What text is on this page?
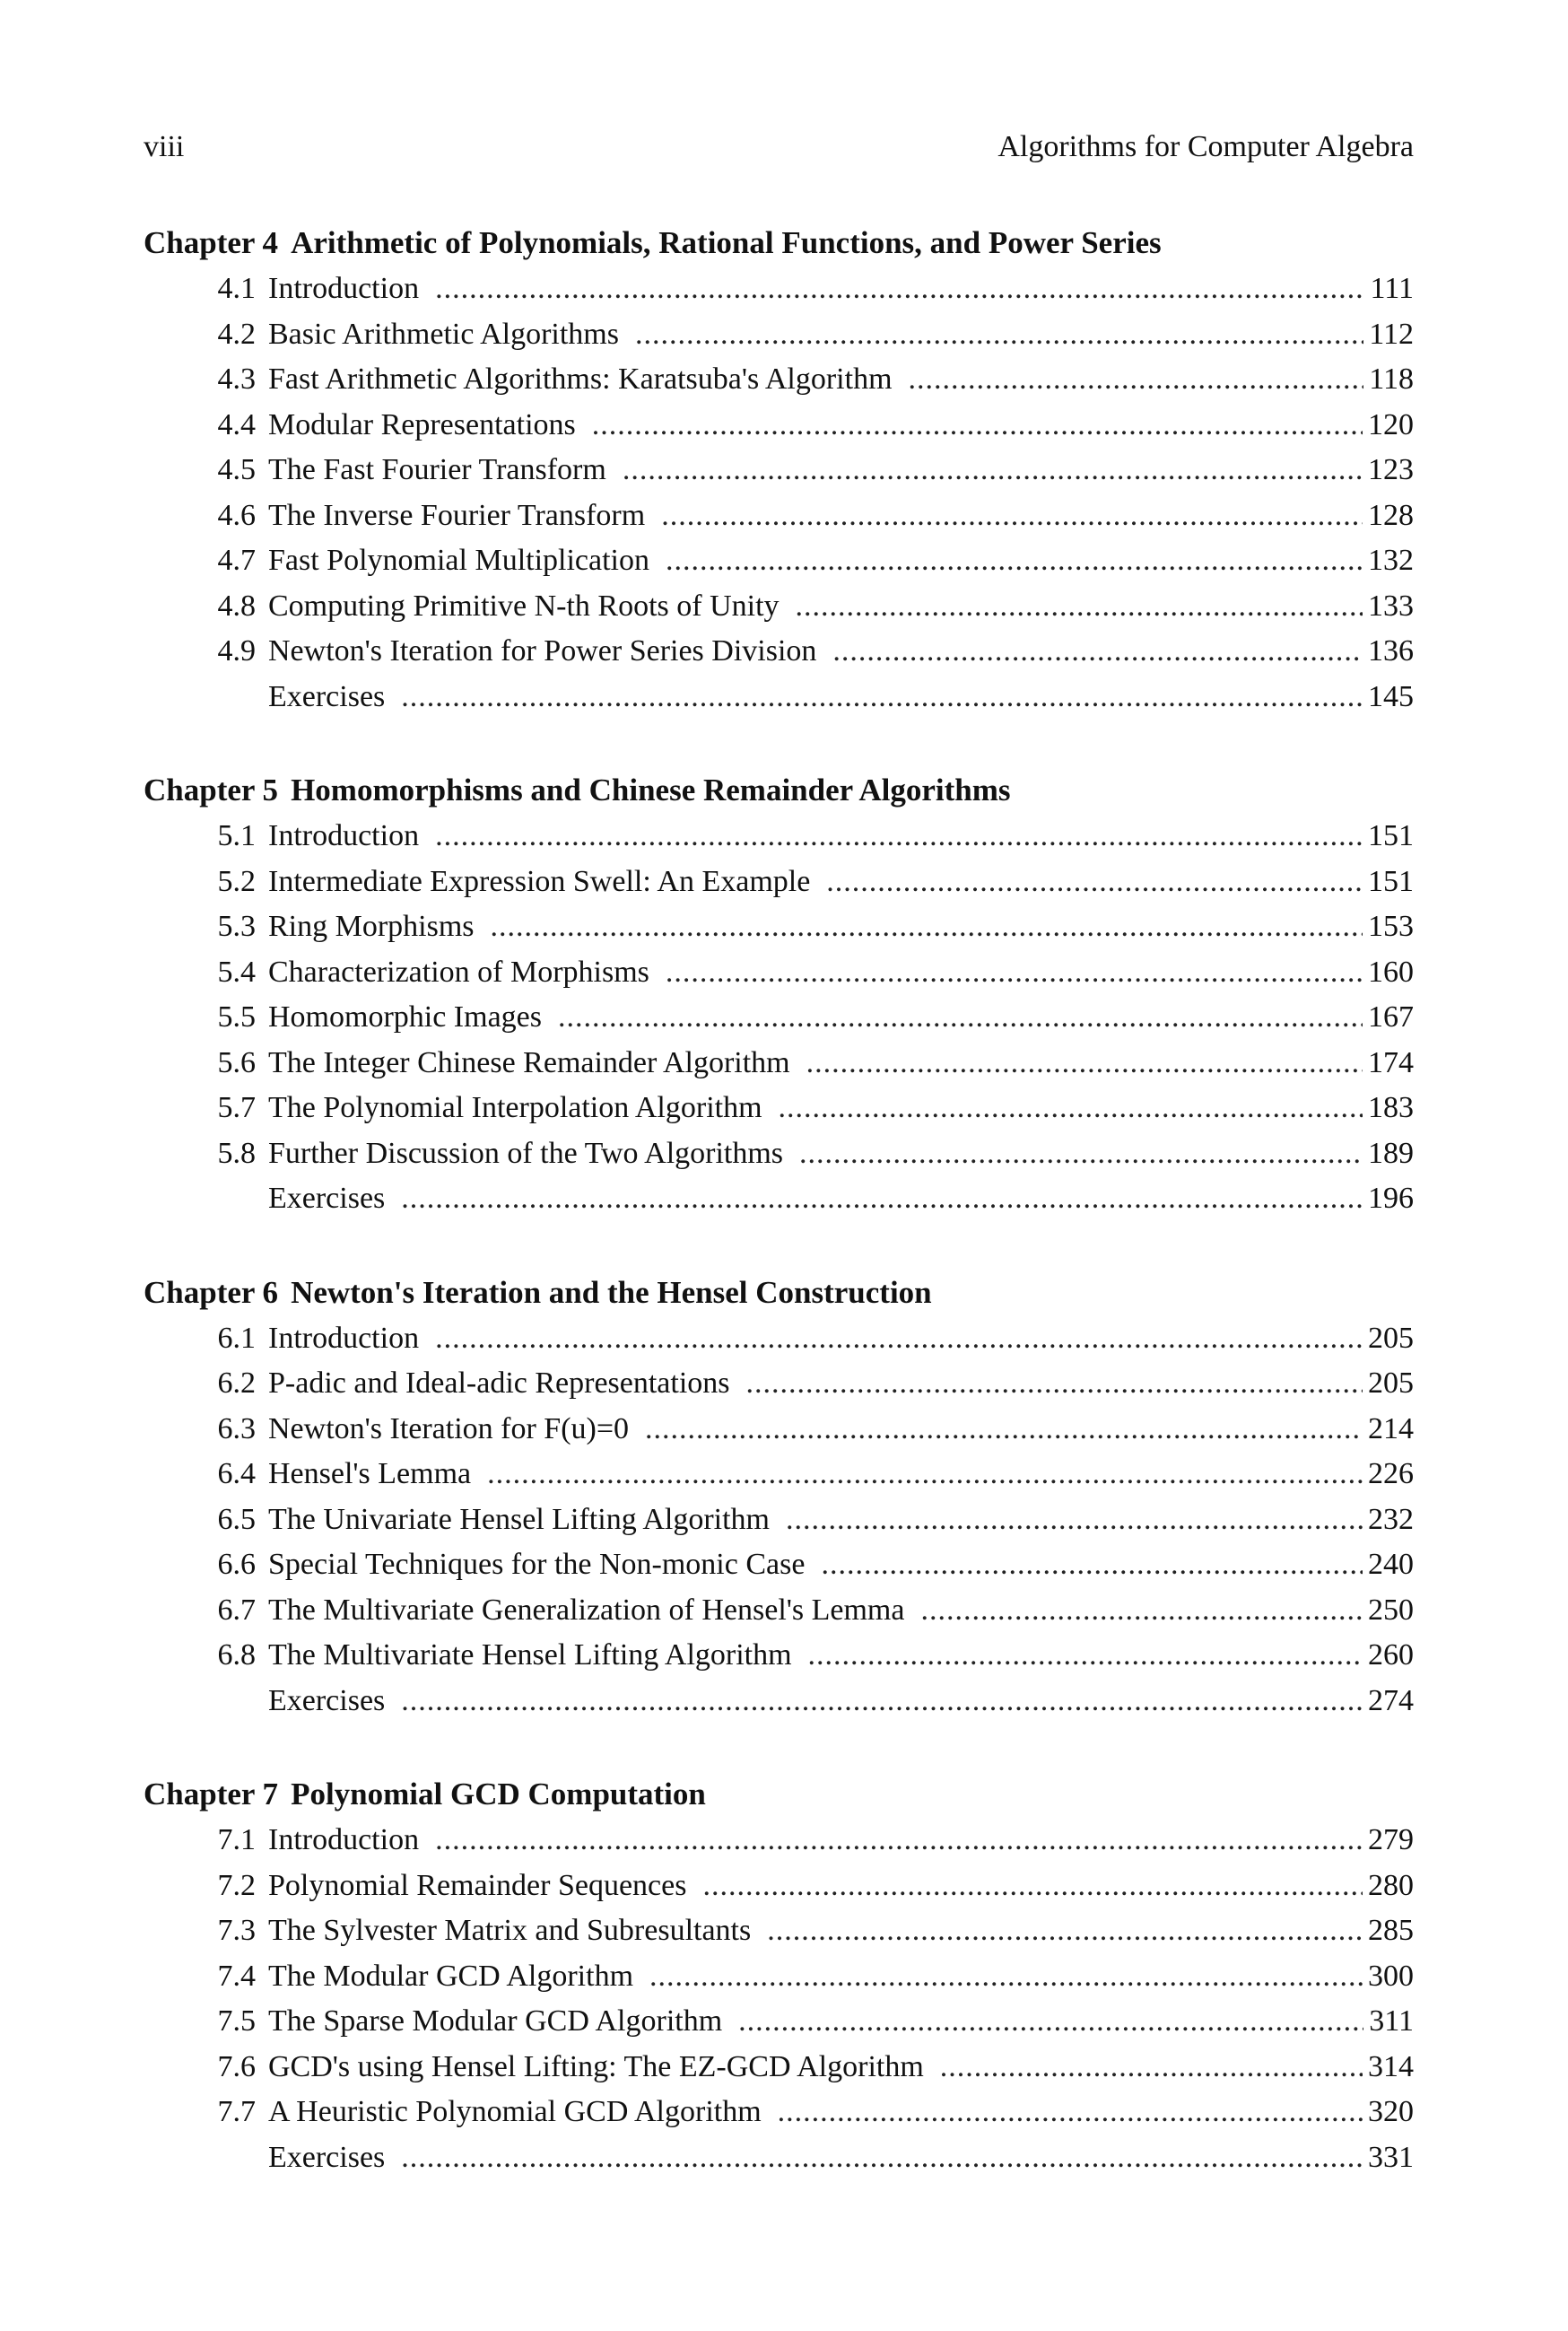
viii	Algorithms for Computer Algebra
Chapter 4 Arithmetic of Polynomials, Rational Functions, and Power Series
4.1 Introduction .....	111
4.2 Basic Arithmetic Algorithms .....	112
4.3 Fast Arithmetic Algorithms: Karatsuba's Algorithm .....	118
4.4 Modular Representations .....	120
4.5 The Fast Fourier Transform .....	123
4.6 The Inverse Fourier Transform .....	128
4.7 Fast Polynomial Multiplication .....	132
4.8 Computing Primitive N-th Roots of Unity .....	133
4.9 Newton's Iteration for Power Series Division .....	136
Exercises .....	145
Chapter 5 Homomorphisms and Chinese Remainder Algorithms
5.1 Introduction .....	151
5.2 Intermediate Expression Swell: An Example .....	151
5.3 Ring Morphisms .....	153
5.4 Characterization of Morphisms .....	160
5.5 Homomorphic Images .....	167
5.6 The Integer Chinese Remainder Algorithm .....	174
5.7 The Polynomial Interpolation Algorithm .....	183
5.8 Further Discussion of the Two Algorithms .....	189
Exercises .....	196
Chapter 6 Newton's Iteration and the Hensel Construction
6.1 Introduction .....	205
6.2 P-adic and Ideal-adic Representations .....	205
6.3 Newton's Iteration for F(u)=0 .....	214
6.4 Hensel's Lemma .....	226
6.5 The Univariate Hensel Lifting Algorithm .....	232
6.6 Special Techniques for the Non-monic Case .....	240
6.7 The Multivariate Generalization of Hensel's Lemma .....	250
6.8 The Multivariate Hensel Lifting Algorithm .....	260
Exercises .....	274
Chapter 7 Polynomial GCD Computation
7.1 Introduction .....	279
7.2 Polynomial Remainder Sequences .....	280
7.3 The Sylvester Matrix and Subresultants .....	285
7.4 The Modular GCD Algorithm .....	300
7.5 The Sparse Modular GCD Algorithm .....	311
7.6 GCD's using Hensel Lifting: The EZ-GCD Algorithm .....	314
7.7 A Heuristic Polynomial GCD Algorithm .....	320
Exercises .....	331
